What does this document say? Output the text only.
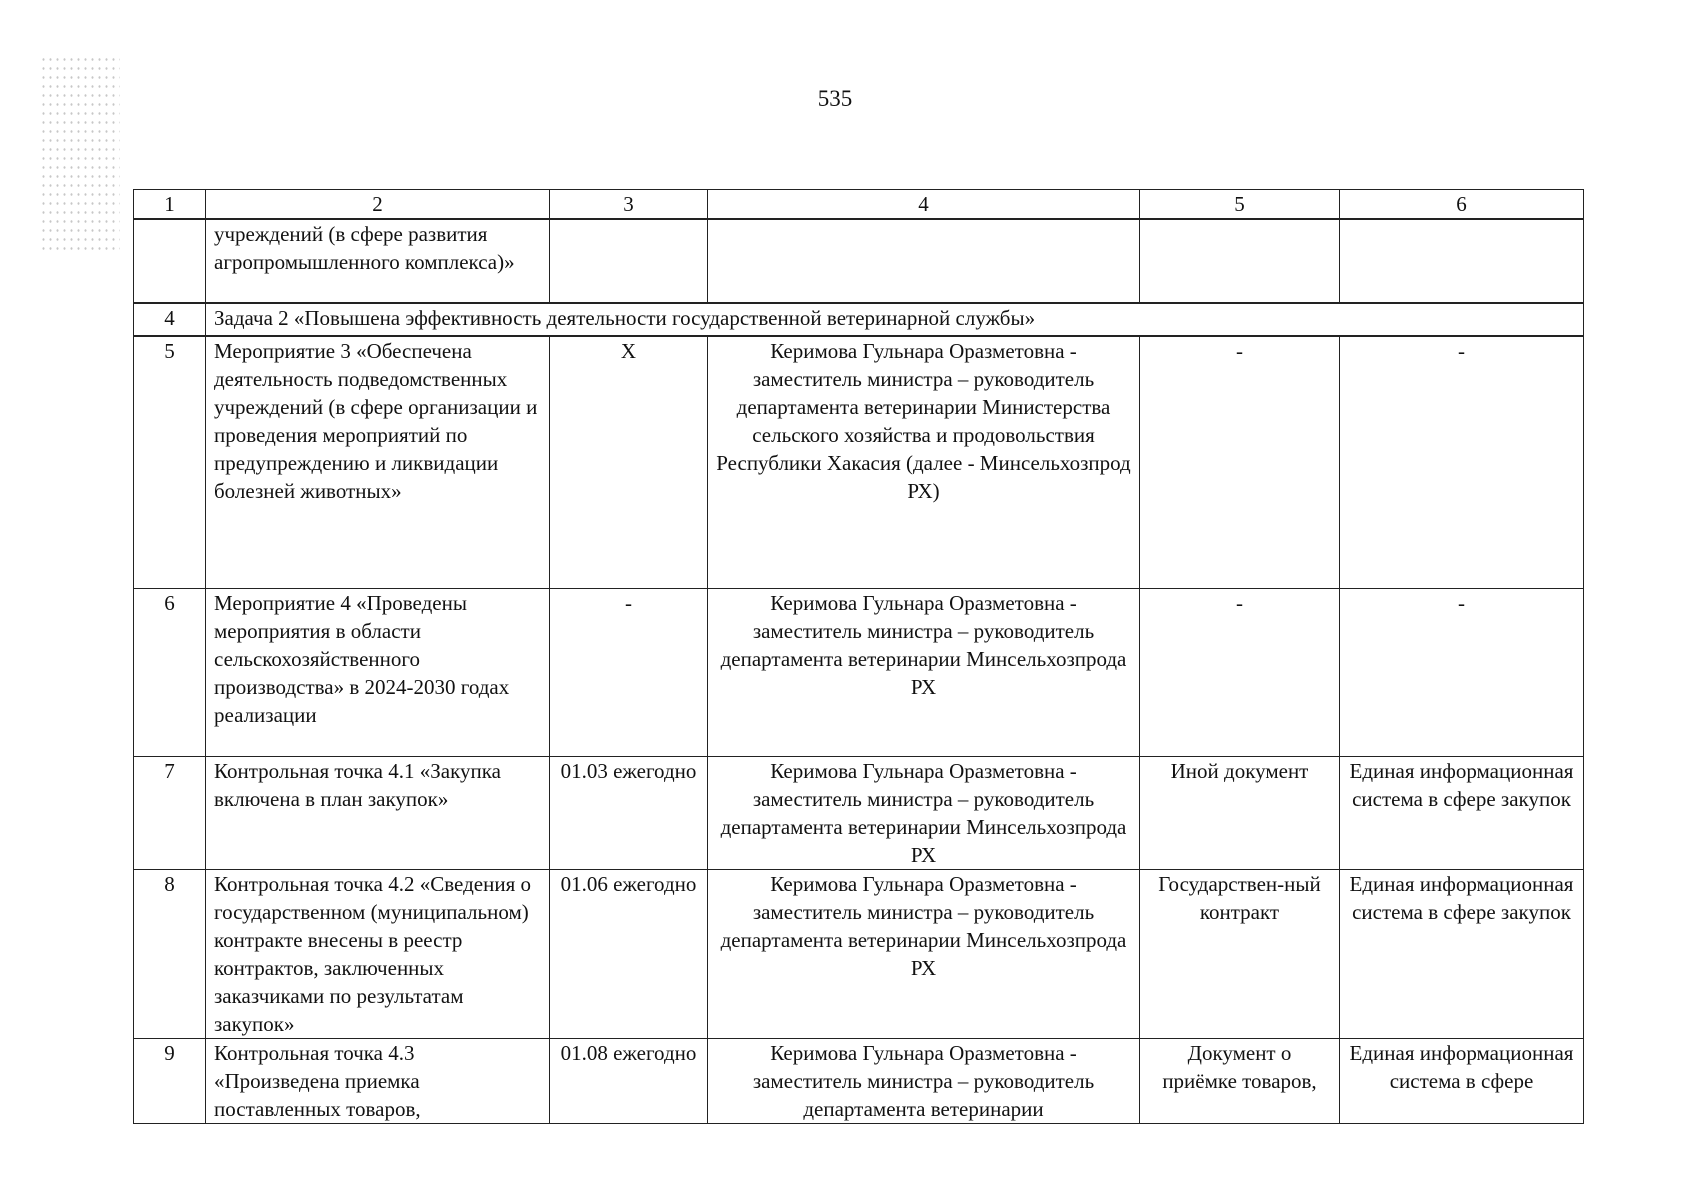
535
1	2	3	4	5	6
	учреждений (в сфере развития агропромышленного комплекса)»				
4	Задача 2 «Повышена эффективность деятельности государственной ветеринарной службы»				
5	Мероприятие 3 «Обеспечена деятельность подведомственных учреждений (в сфере организации и проведения мероприятий по предупреждению и ликвидации болезней животных»	Х	Керимова Гульнара Оразметовна - заместитель министра – руководитель департамента ветеринарии Министерства сельского хозяйства и продовольствия Республики Хакасия (далее - Минсельхозпрод РХ)	-	-
6	Мероприятие 4 «Проведены мероприятия в области сельскохозяйственного производства» в 2024-2030 годах реализации	-	Керимова Гульнара Оразметовна - заместитель министра – руководитель департамента ветеринарии Минсельхозпрода РХ	-	-
7	Контрольная точка 4.1 «Закупка включена в план закупок»	01.03 ежегодно	Керимова Гульнара Оразметовна - заместитель министра – руководитель департамента ветеринарии Минсельхозпрода РХ	Иной документ	Единая информационная система в сфере закупок
8	Контрольная точка 4.2 «Сведения о государственном (муниципальном) контракте внесены в реестр контрактов, заключенных заказчиками по результатам закупок»	01.06 ежегодно	Керимова Гульнара Оразметовна - заместитель министра – руководитель департамента ветеринарии Минсельхозпрода РХ	Государствен-ный контракт	Единая информационная система в сфере закупок
9	Контрольная точка 4.3 «Произведена приемка поставленных товаров,	01.08 ежегодно	Керимова Гульнара Оразметовна - заместитель министра – руководитель департамента ветеринарии	Документ о приёмке товаров,	Единая информационная система в сфере
